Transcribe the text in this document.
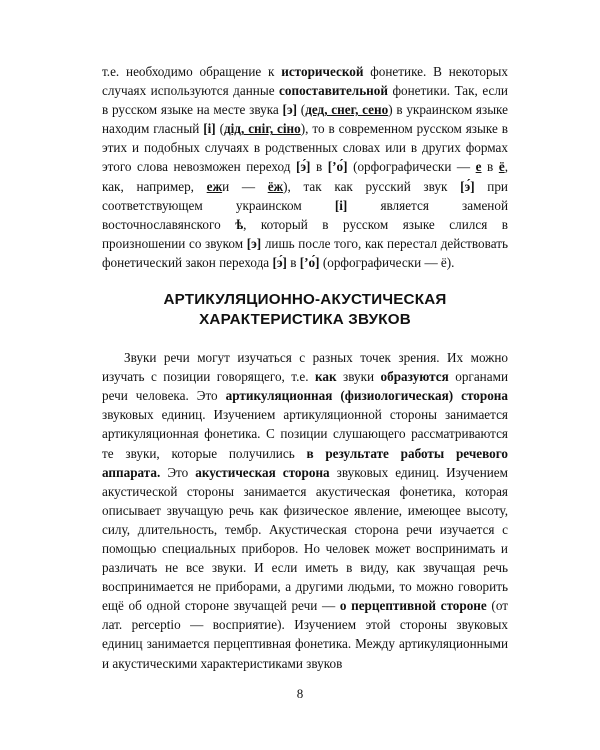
т.е. необходимо обращение к исторической фонетике. В некоторых случаях используются данные сопоставительной фонетики. Так, если в русском языке на месте звука [э] (дед, снег, сено) в украинском языке находим гласный [і] (дід, сніг, сіно), то в современном русском языке в этих и подобных случаях в родственных словах или в других формах этого слова невозможен переход [э́] в [’о́] (орфографически — е в ё, как, например, ежи — ёж), так как русский звук [э́] при соответствующем украинском [і] является заменой восточнославянского ѣ, который в русском языке слился в произношении со звуком [э] лишь после того, как перестал действовать фонетический закон перехода [э́] в [’о́] (орфографически — ё).

АРТИКУЛЯЦИОННО-АКУСТИЧЕСКАЯ
ХАРАКТЕРИСТИКА ЗВУКОВ

Звуки речи могут изучаться с разных точек зрения. Их можно изучать с позиции говорящего, т.е. как звуки образуются органами речи человека. Это артикуляционная (физиологическая) сторона звуковых единиц. Изучением артикуляционной стороны занимается артикуляционная фонетика. С позиции слушающего рассматриваются те звуки, которые получились в результате работы речевого аппарата. Это акустическая сторона звуковых единиц. Изучением акустической стороны занимается акустическая фонетика, которая описывает звучащую речь как физическое явление, имеющее высоту, силу, длительность, тембр. Акустическая сторона речи изучается с помощью специальных приборов. Но человек может воспринимать и различать не все звуки. И если иметь в виду, как звучащая речь воспринимается не приборами, а другими людьми, то можно говорить ещё об одной стороне звучащей речи — о перцептивной стороне (от лат. perceptio — восприятие). Изучением этой стороны звуковых единиц занимается перцептивная фонетика. Между артикуляционными и акустическими характеристиками звуков

8
